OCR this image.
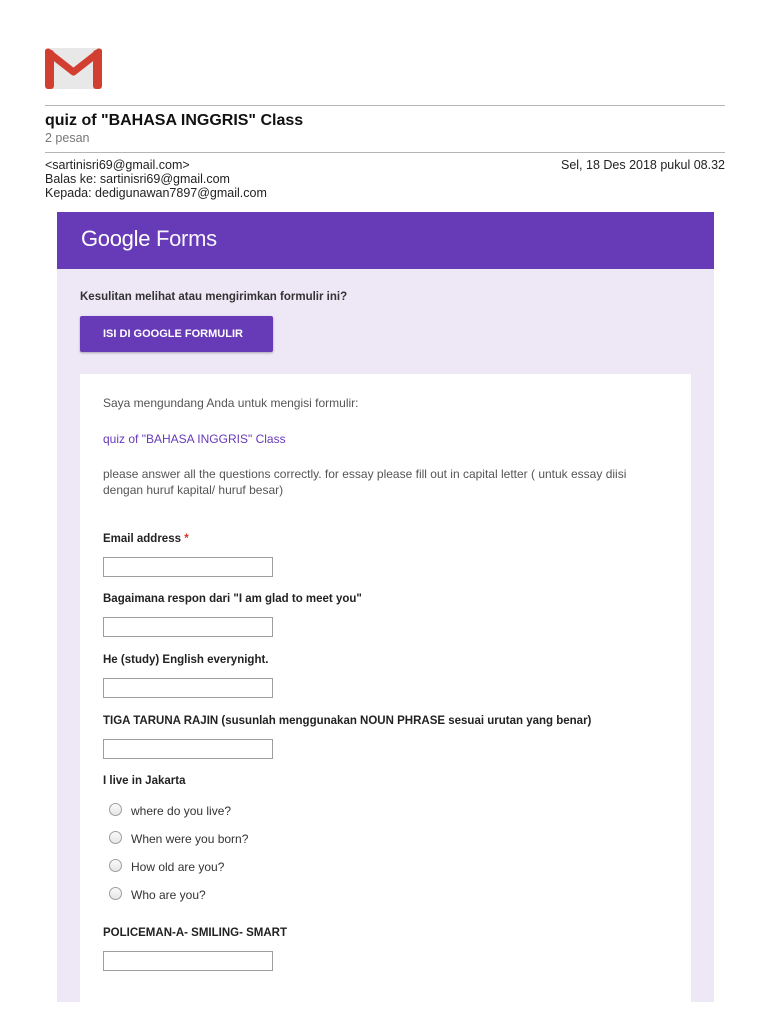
quiz of "BAHASA INGGRIS" Class
2 pesan
<sartinisri69@gmail.com>	Sel, 18 Des 2018 pukul 08.32
Balas ke: sartinisri69@gmail.com
Kepada: dedigunawan7897@gmail.com
Google Forms
Kesulitan melihat atau mengirimkan formulir ini?
ISI DI GOOGLE FORMULIR
Saya mengundang Anda untuk mengisi formulir:
quiz of "BAHASA INGGRIS" Class
please answer all the questions correctly. for essay please fill out in capital letter ( untuk essay diisi dengan huruf kapital/ huruf besar)
Email address *
Bagaimana respon dari "I am glad to meet you"
He (study) English everynight.
TIGA TARUNA RAJIN (susunlah menggunakan NOUN PHRASE sesuai urutan yang benar)
I live in Jakarta
where do you live?
When were you born?
How old are you?
Who are you?
POLICEMAN-A- SMILING- SMART
